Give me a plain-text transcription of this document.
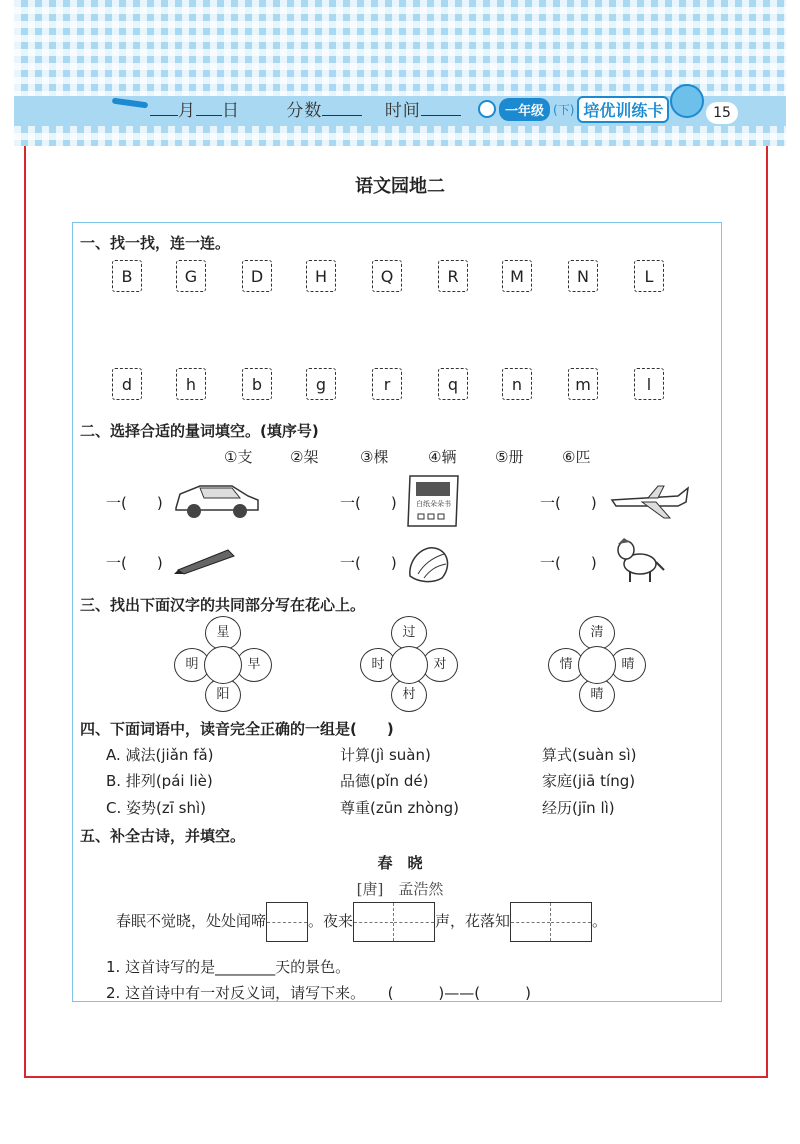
月 日	分数	时间	一年级 (下) 培优训练卡	15
语文园地二
一、找一找，连一连。
B	G	D	H	Q	R	M	N	L
d	h	b	g	r	q	n	m	l
二、选择合适的量词填空。(填序号)
①支	②架	③棵	④辆	⑤册	⑥匹
一(　　)	一(　　)	一(　　)
一(　　)	一(　　)	一(　　)
白纸朵朵书
三、找出下面汉字的共同部分写在花心上。
星
明	早
阳
过
时	对
村
清
情	晴
晴
四、下面词语中，读音完全正确的一组是(　　)
A. 减法(jiǎn fǎ)	计算(jì suàn)	算式(suàn sì)
B. 排列(pái liè)	品德(pǐn dé)	家庭(jiā tíng)
C. 姿势(zī shì)	尊重(zūn zhòng)	经历(jīn lì)
五、补全古诗，并填空。
春　晓
[唐]　孟浩然
春眠不觉晓，处处闻啼	。夜来	声，花落知	。
1. 这首诗写的是________天的景色。
2. 这首诗中有一对反义词，请写下来。　　(　　　)——(　　　)
